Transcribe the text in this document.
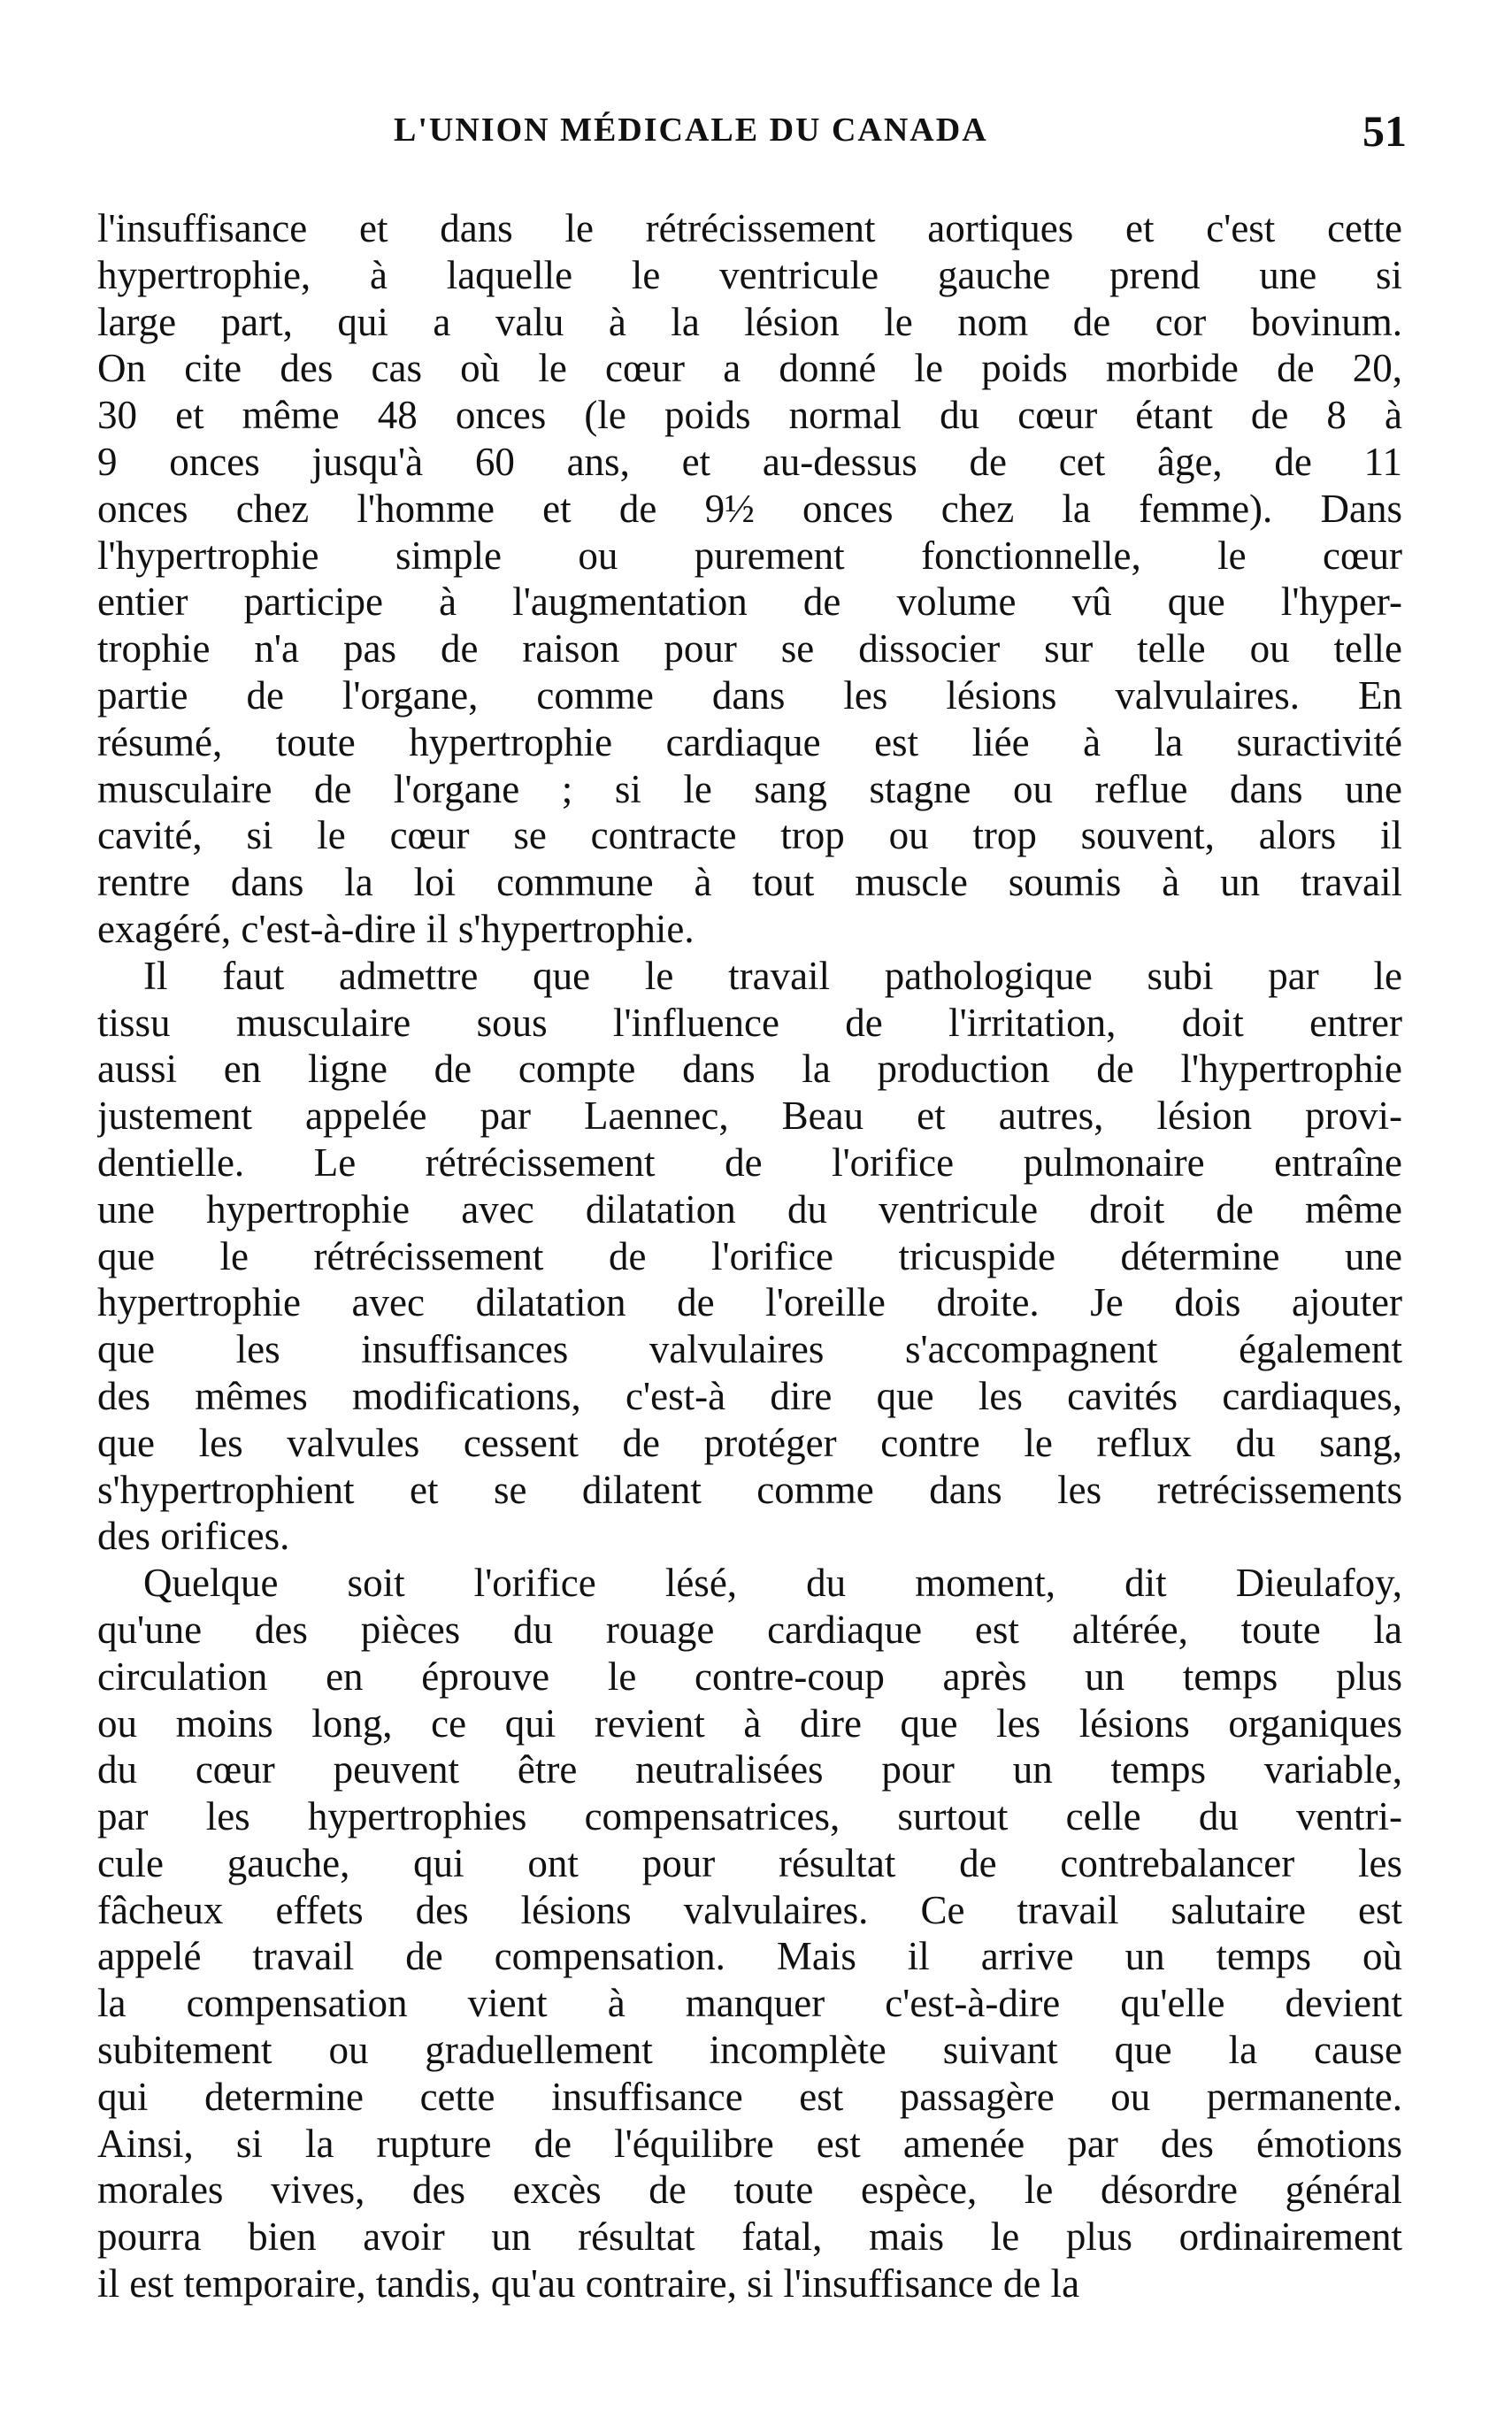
L'UNION MÉDICALE DU CANADA	51
l'insuffisance et dans le rétrécissement aortiques et c'est cette
hypertrophie, à laquelle le ventricule gauche prend une si
large part, qui a valu à la lésion le nom de cor bovinum.
On cite des cas où le cœur a donné le poids morbide de 20,
30 et même 48 onces (le poids normal du cœur étant de 8 à
9 onces jusqu'à 60 ans, et au-dessus de cet âge, de 11
onces chez l'homme et de 9½ onces chez la femme). Dans
l'hypertrophie simple ou purement fonctionnelle, le cœur
entier participe à l'augmentation de volume vû que l'hyper-
trophie n'a pas de raison pour se dissocier sur telle ou telle
partie de l'organe, comme dans les lésions valvulaires. En
résumé, toute hypertrophie cardiaque est liée à la suractivité
musculaire de l'organe ; si le sang stagne ou reflue dans une
cavité, si le cœur se contracte trop ou trop souvent, alors il
rentre dans la loi commune à tout muscle soumis à un travail
exagéré, c'est-à-dire il s'hypertrophie.
Il faut admettre que le travail pathologique subi par le
tissu musculaire sous l'influence de l'irritation, doit entrer
aussi en ligne de compte dans la production de l'hypertrophie
justement appelée par Laennec, Beau et autres, lésion provi-
dentielle. Le rétrécissement de l'orifice pulmonaire entraîne
une hypertrophie avec dilatation du ventricule droit de même
que le rétrécissement de l'orifice tricuspide détermine une
hypertrophie avec dilatation de l'oreille droite. Je dois ajouter
que les insuffisances valvulaires s'accompagnent également
des mêmes modifications, c'est-à dire que les cavités cardiaques,
que les valvules cessent de protéger contre le reflux du sang,
s'hypertrophient et se dilatent comme dans les retrécissements
des orifices.
Quelque soit l'orifice lésé, du moment, dit Dieulafoy,
qu'une des pièces du rouage cardiaque est altérée, toute la
circulation en éprouve le contre-coup après un temps plus
ou moins long, ce qui revient à dire que les lésions organiques
du cœur peuvent être neutralisées pour un temps variable,
par les hypertrophies compensatrices, surtout celle du ventri-
cule gauche, qui ont pour résultat de contrebalancer les
fâcheux effets des lésions valvulaires. Ce travail salutaire est
appelé travail de compensation. Mais il arrive un temps où
la compensation vient à manquer c'est-à-dire qu'elle devient
subitement ou graduellement incomplète suivant que la cause
qui determine cette insuffisance est passagère ou permanente.
Ainsi, si la rupture de l'équilibre est amenée par des émotions
morales vives, des excès de toute espèce, le désordre général
pourra bien avoir un résultat fatal, mais le plus ordinairement
il est temporaire, tandis, qu'au contraire, si l'insuffisance de la
